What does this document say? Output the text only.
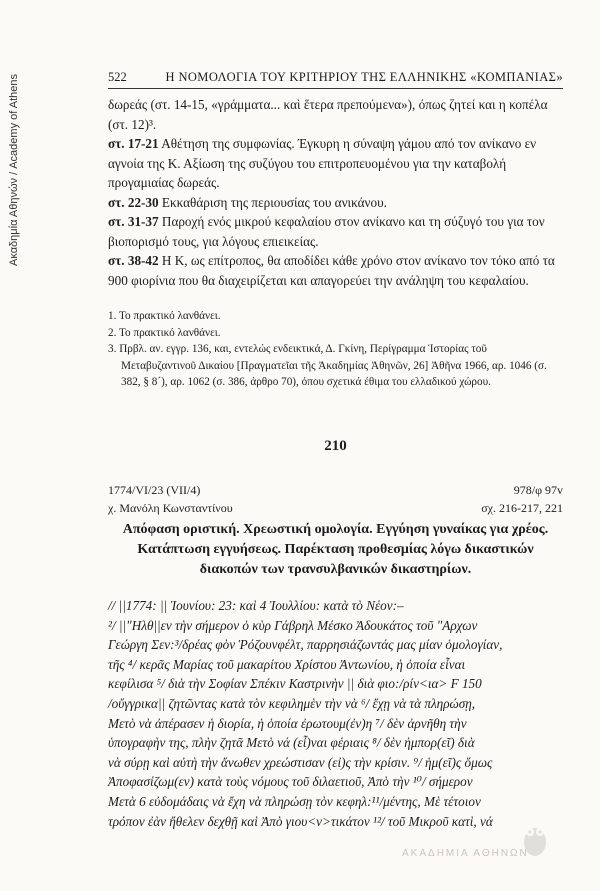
Ακαδημία Αθηνών / Academy of Athens	522	Η ΝΟΜΟΛΟΓΙΑ ΤΟΥ ΚΡΙΤΗΡΙΟΥ ΤΗΣ ΕΛΛΗΝΙΚΗΣ «ΚΟΜΠΑΝΙΑΣ»

δωρεάς (στ. 14-15, «γράμματα... καὶ ἕτερα πρεπούμενα»), όπως ζητεί και η κοπέλα (στ. 12)³.

στ. 17-21 Αθέτηση της συμφωνίας. Έγκυρη η σύναψη γάμου από τον ανίκανο εν αγνοία της Κ. Αξίωση της συζύγου του επιτροπευομένου για την καταβολή προγαμιαίας δωρεάς.

στ. 22-30 Εκκαθάριση της περιουσίας του ανικάνου.

στ. 31-37 Παροχή ενός μικρού κεφαλαίου στον ανίκανο και τη σύζυγό του για τον βιοπορισμό τους, για λόγους επιεικείας.

στ. 38-42 Η Κ, ως επίτροπος, θα αποδίδει κάθε χρόνο στον ανίκανο τον τόκο από τα 900 φιορίνια που θα διαχειρίζεται και απαγορεύει την ανάληψη του κεφαλαίου.

1. Το πρακτικό λανθάνει.
2. Το πρακτικό λανθάνει.
3. Πρβλ. αν. εγγρ. 136, και, εντελώς ενδεικτικά, Δ. Γκίνη, Περίγραμμα Ἱστορίας τοῦ Μεταβυζαντινοῦ Δικαίου [Πραγματεῖαι τῆς Ἀκαδημίας Ἀθηνῶν, 26] Ἀθῆνα 1966, αρ. 1046 (σ. 382, § 8´), αρ. 1062 (σ. 386, άρθρο 70), όπου σχετικά έθιμα του ελλαδικού χώρου.
210
1774/VI/23 (VII/4)	978/φ 97v
χ. Μανόλη Κωνσταντίνου	σχ. 216-217, 221
Απόφαση οριστική. Χρεωστική ομολογία. Εγγύηση γυναίκας για χρέος. Κατάπτωση εγγυήσεως. Παρέκταση προθεσμίας λόγω δικαστικών διακοπών των τρανσυλβανικών δικαστηρίων.

// ||1774: || Ἰουνίου: 23: καὶ 4 Ἰουλλίου: κατὰ τὸ Νέον:–

²/ ||ʺΗλθ||εν τὴν σήμερον ὁ κὺρ Γάβρηλ Μέσκο Ἀδουκάτος τοῦ ʺΑρχων

Γεώργη Σεν:³/δρέας φὸν Ῥόζουνφέλτ, παρρησιάζωντάς μας μίαν ὁμολογίαν,

τῆς ⁴/ κερᾶς Μαρίας τοῦ μακαρίτου Χρίστου Ἀντωνίου, ἡ ὁποία εἶναι

κεφίλισα ⁵/ διὰ τὴν Σοφίαν Σπέκιν Καστρινὴν || διὰ φιο:/ρίν<ια> F 150

/οὔγγρικα|| ζητῶντας κατὰ τὸν κεφιλημὲν τὴν νὰ ⁶/ ἔχῃ νὰ τὰ πληρώσῃ,

Μετὸ νὰ ἀπέρασεν ἡ διορία, ἡ ὁποία ἐρωτουμ(ἐν)η ⁷/ δὲν ἀρνῆθη τὴν

ὑπογραφὴν της, πλὴν ζητᾶ Μετὸ νά (εἶ)ναι φέριαις ⁸/ δὲν ἠμπορ(εῖ) διὰ

νὰ σύρῃ καὶ αὐτὴ τὴν ἄνωθεν χρεώστισαν (εἰ)ς τὴν κρίσιν. ⁹/ ἡμ(εῖ)ς ὅμως

Ἀποφασίζωμ(εν) κατὰ τοὺς νόμους τοῦ διλαετιοῦ, Ἀπὸ τὴν ¹⁰/ σήμερον

Μετὰ 6 εὐδομάδαις νὰ ἔχη νὰ πληρώσῃ τὸν κεφηλ:¹¹/μέντης, Μὲ τέτοιον

τρόπον ἐὰν ἤθελεν δεχθῇ καὶ Ἀπὸ γιου<ν>τικάτον ¹²/ τοῦ Μικροῦ κατὶ, νά

ΑΚΑΔΗΜΙΑ ΑΘΗΝΩΝ
